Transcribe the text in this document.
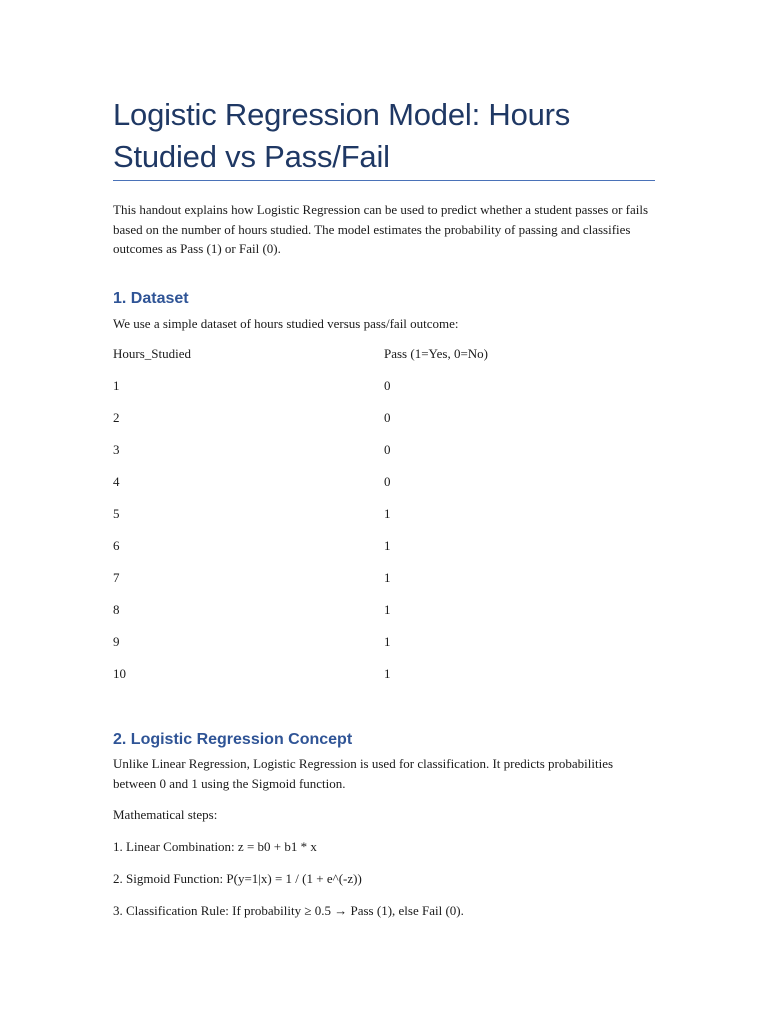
Logistic Regression Model: Hours Studied vs Pass/Fail

This handout explains how Logistic Regression can be used to predict whether a student passes or fails based on the number of hours studied. The model estimates the probability of passing and classifies outcomes as Pass (1) or Fail (0).

1. Dataset

We use a simple dataset of hours studied versus pass/fail outcome:

Hours_Studied	Pass (1=Yes, 0=No)
1	0
2	0
3	0
4	0
5	1
6	1
7	1
8	1
9	1
10	1
2. Logistic Regression Concept

Unlike Linear Regression, Logistic Regression is used for classification. It predicts probabilities between 0 and 1 using the Sigmoid function.

Mathematical steps:

1. Linear Combination: z = b0 + b1 * x

2. Sigmoid Function: P(y=1|x) = 1 / (1 + e^(-z))

3. Classification Rule: If probability ≥ 0.5 → Pass (1), else Fail (0).
